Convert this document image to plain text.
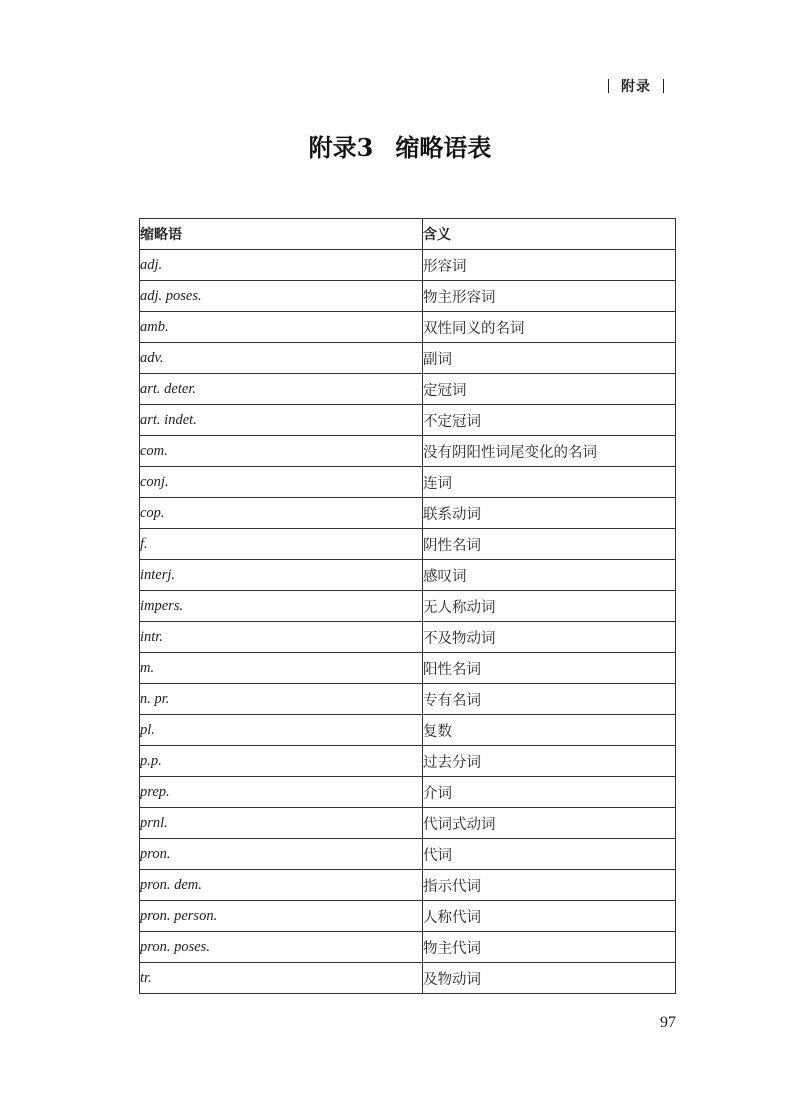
附录
附录3 缩略语表
缩略语	含义
adj.	形容词
adj. poses.	物主形容词
amb.	双性同义的名词
adv.	副词
art. deter.	定冠词
art. indet.	不定冠词
com.	没有阴阳性词尾变化的名词
conj.	连词
cop.	联系动词
f.	阴性名词
interj.	感叹词
impers.	无人称动词
intr.	不及物动词
m.	阳性名词
n. pr.	专有名词
pl.	复数
p.p.	过去分词
prep.	介词
prnl.	代词式动词
pron.	代词
pron. dem.	指示代词
pron. person.	人称代词
pron. poses.	物主代词
tr.	及物动词
97
